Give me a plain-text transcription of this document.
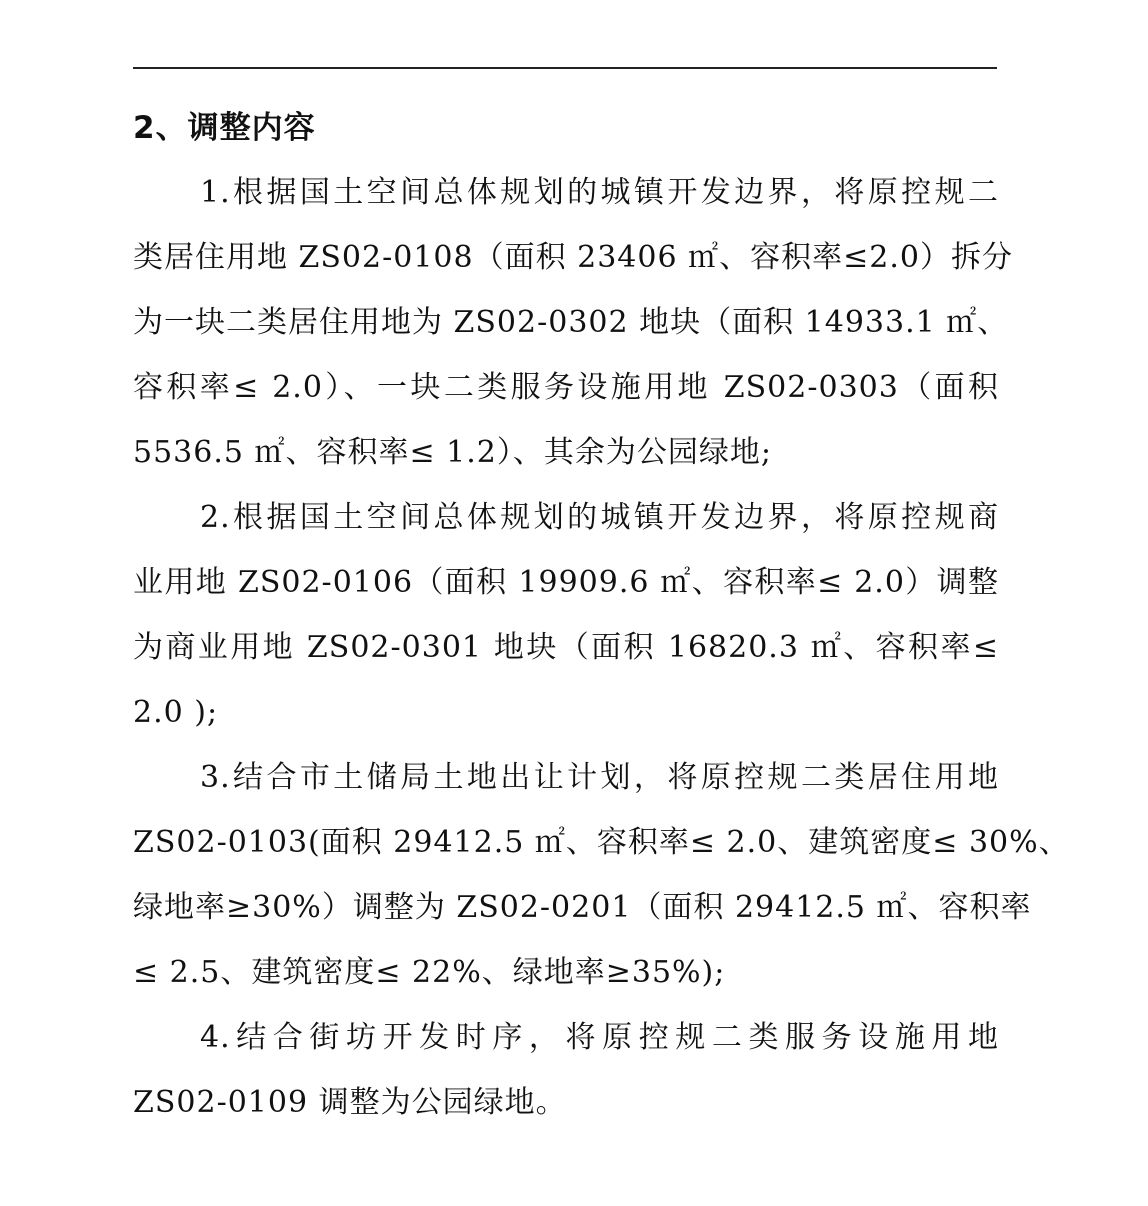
2、调整内容
1.根据国土空间总体规划的城镇开发边界，将原控规二
类居住用地 ZS02-0108（面积 23406 ㎡、容积率≤2.0）拆分
为一块二类居住用地为 ZS02-0302 地块（面积 14933.1 ㎡、
容积率≤ 2.0）、一块二类服务设施用地 ZS02-0303（面积
5536.5 ㎡、容积率≤ 1.2）、其余为公园绿地;
2.根据国土空间总体规划的城镇开发边界，将原控规商
业用地 ZS02-0106（面积 19909.6 ㎡、容积率≤ 2.0）调整
为商业用地 ZS02-0301 地块（面积 16820.3 ㎡、容积率≤
2.0 );
3.结合市土储局土地出让计划，将原控规二类居住用地
ZS02-0103(面积 29412.5 ㎡、容积率≤ 2.0、建筑密度≤ 30%、
绿地率≥30%）调整为 ZS02-0201（面积 29412.5 ㎡、容积率
≤ 2.5、建筑密度≤ 22%、绿地率≥35%);
4.结合街坊开发时序，将原控规二类服务设施用地
ZS02-0109 调整为公园绿地。
